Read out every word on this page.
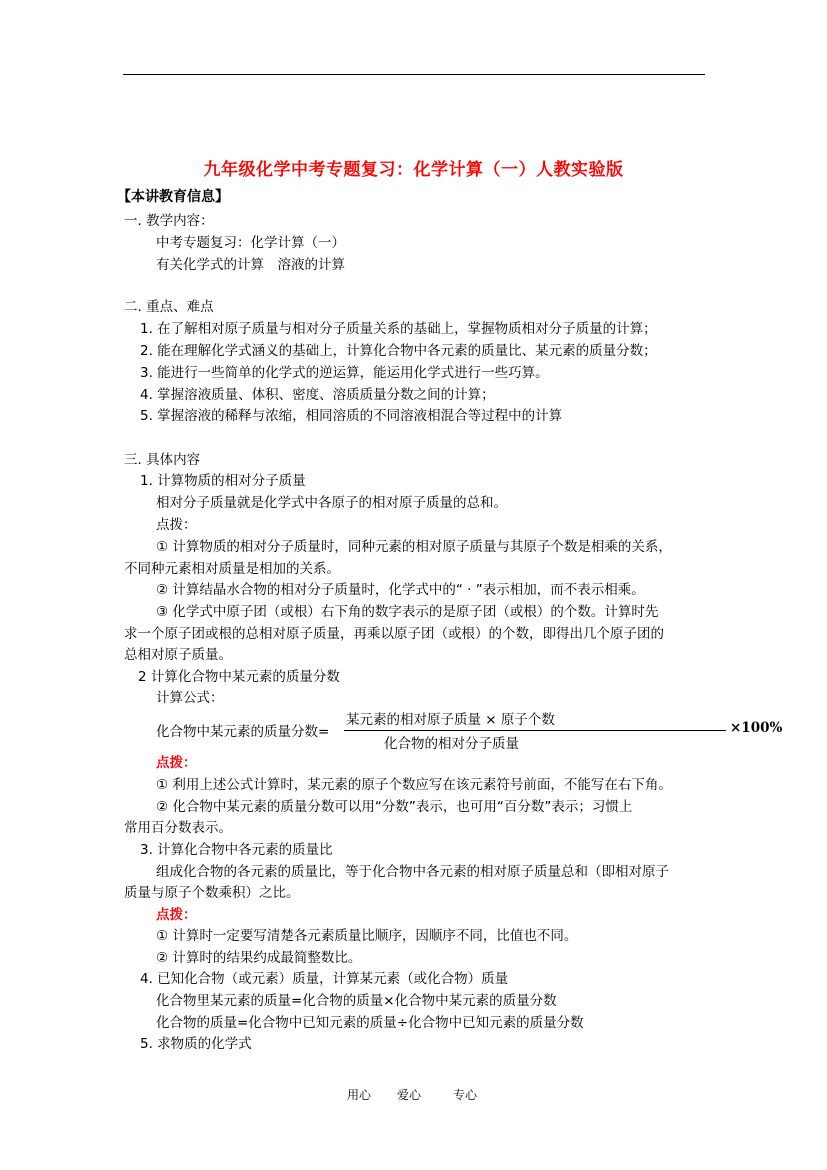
九年级化学中考专题复习：化学计算（一）人教实验版
【本讲教育信息】
一. 教学内容：
中考专题复习：化学计算（一）
有关化学式的计算　溶液的计算
二. 重点、难点
1. 在了解相对原子质量与相对分子质量关系的基础上，掌握物质相对分子质量的计算；
2. 能在理解化学式涵义的基础上，计算化合物中各元素的质量比、某元素的质量分数；
3. 能进行一些简单的化学式的逆运算，能运用化学式进行一些巧算。
4. 掌握溶液质量、体积、密度、溶质质量分数之间的计算；
5. 掌握溶液的稀释与浓缩，相同溶质的不同溶液相混合等过程中的计算
三. 具体内容
1. 计算物质的相对分子质量
相对分子质量就是化学式中各原子的相对原子质量的总和。
点拨：
① 计算物质的相对分子质量时，同种元素的相对原子质量与其原子个数是相乘的关系，
不同种元素相对质量是相加的关系。
② 计算结晶水合物的相对分子质量时，化学式中的“ · ”表示相加，而不表示相乘。
③ 化学式中原子团（或根）右下角的数字表示的是原子团（或根）的个数。计算时先
求一个原子团或根的总相对原子质量，再乘以原子团（或根）的个数，即得出几个原子团的
总相对原子质量。
2 计算化合物中某元素的质量分数
计算公式：
化合物中某元素的质量分数=
某元素的相对原子质量 × 原子个数
化合物的相对分子质量
×100%
点拨：
① 利用上述公式计算时，某元素的原子个数应写在该元素符号前面，不能写在右下角。
② 化合物中某元素的质量分数可以用“分数”表示，也可用“百分数”表示；习惯上
常用百分数表示。
3. 计算化合物中各元素的质量比
组成化合物的各元素的质量比，等于化合物中各元素的相对原子质量总和（即相对原子
质量与原子个数乘积）之比。
点拨：
① 计算时一定要写清楚各元素质量比顺序，因顺序不同，比值也不同。
② 计算时的结果约成最简整数比。
4. 已知化合物（或元素）质量，计算某元素（或化合物）质量
化合物里某元素的质量=化合物的质量×化合物中某元素的质量分数
化合物的质量=化合物中已知元素的质量÷化合物中已知元素的质量分数
5. 求物质的化学式
用心 爱心	专心
